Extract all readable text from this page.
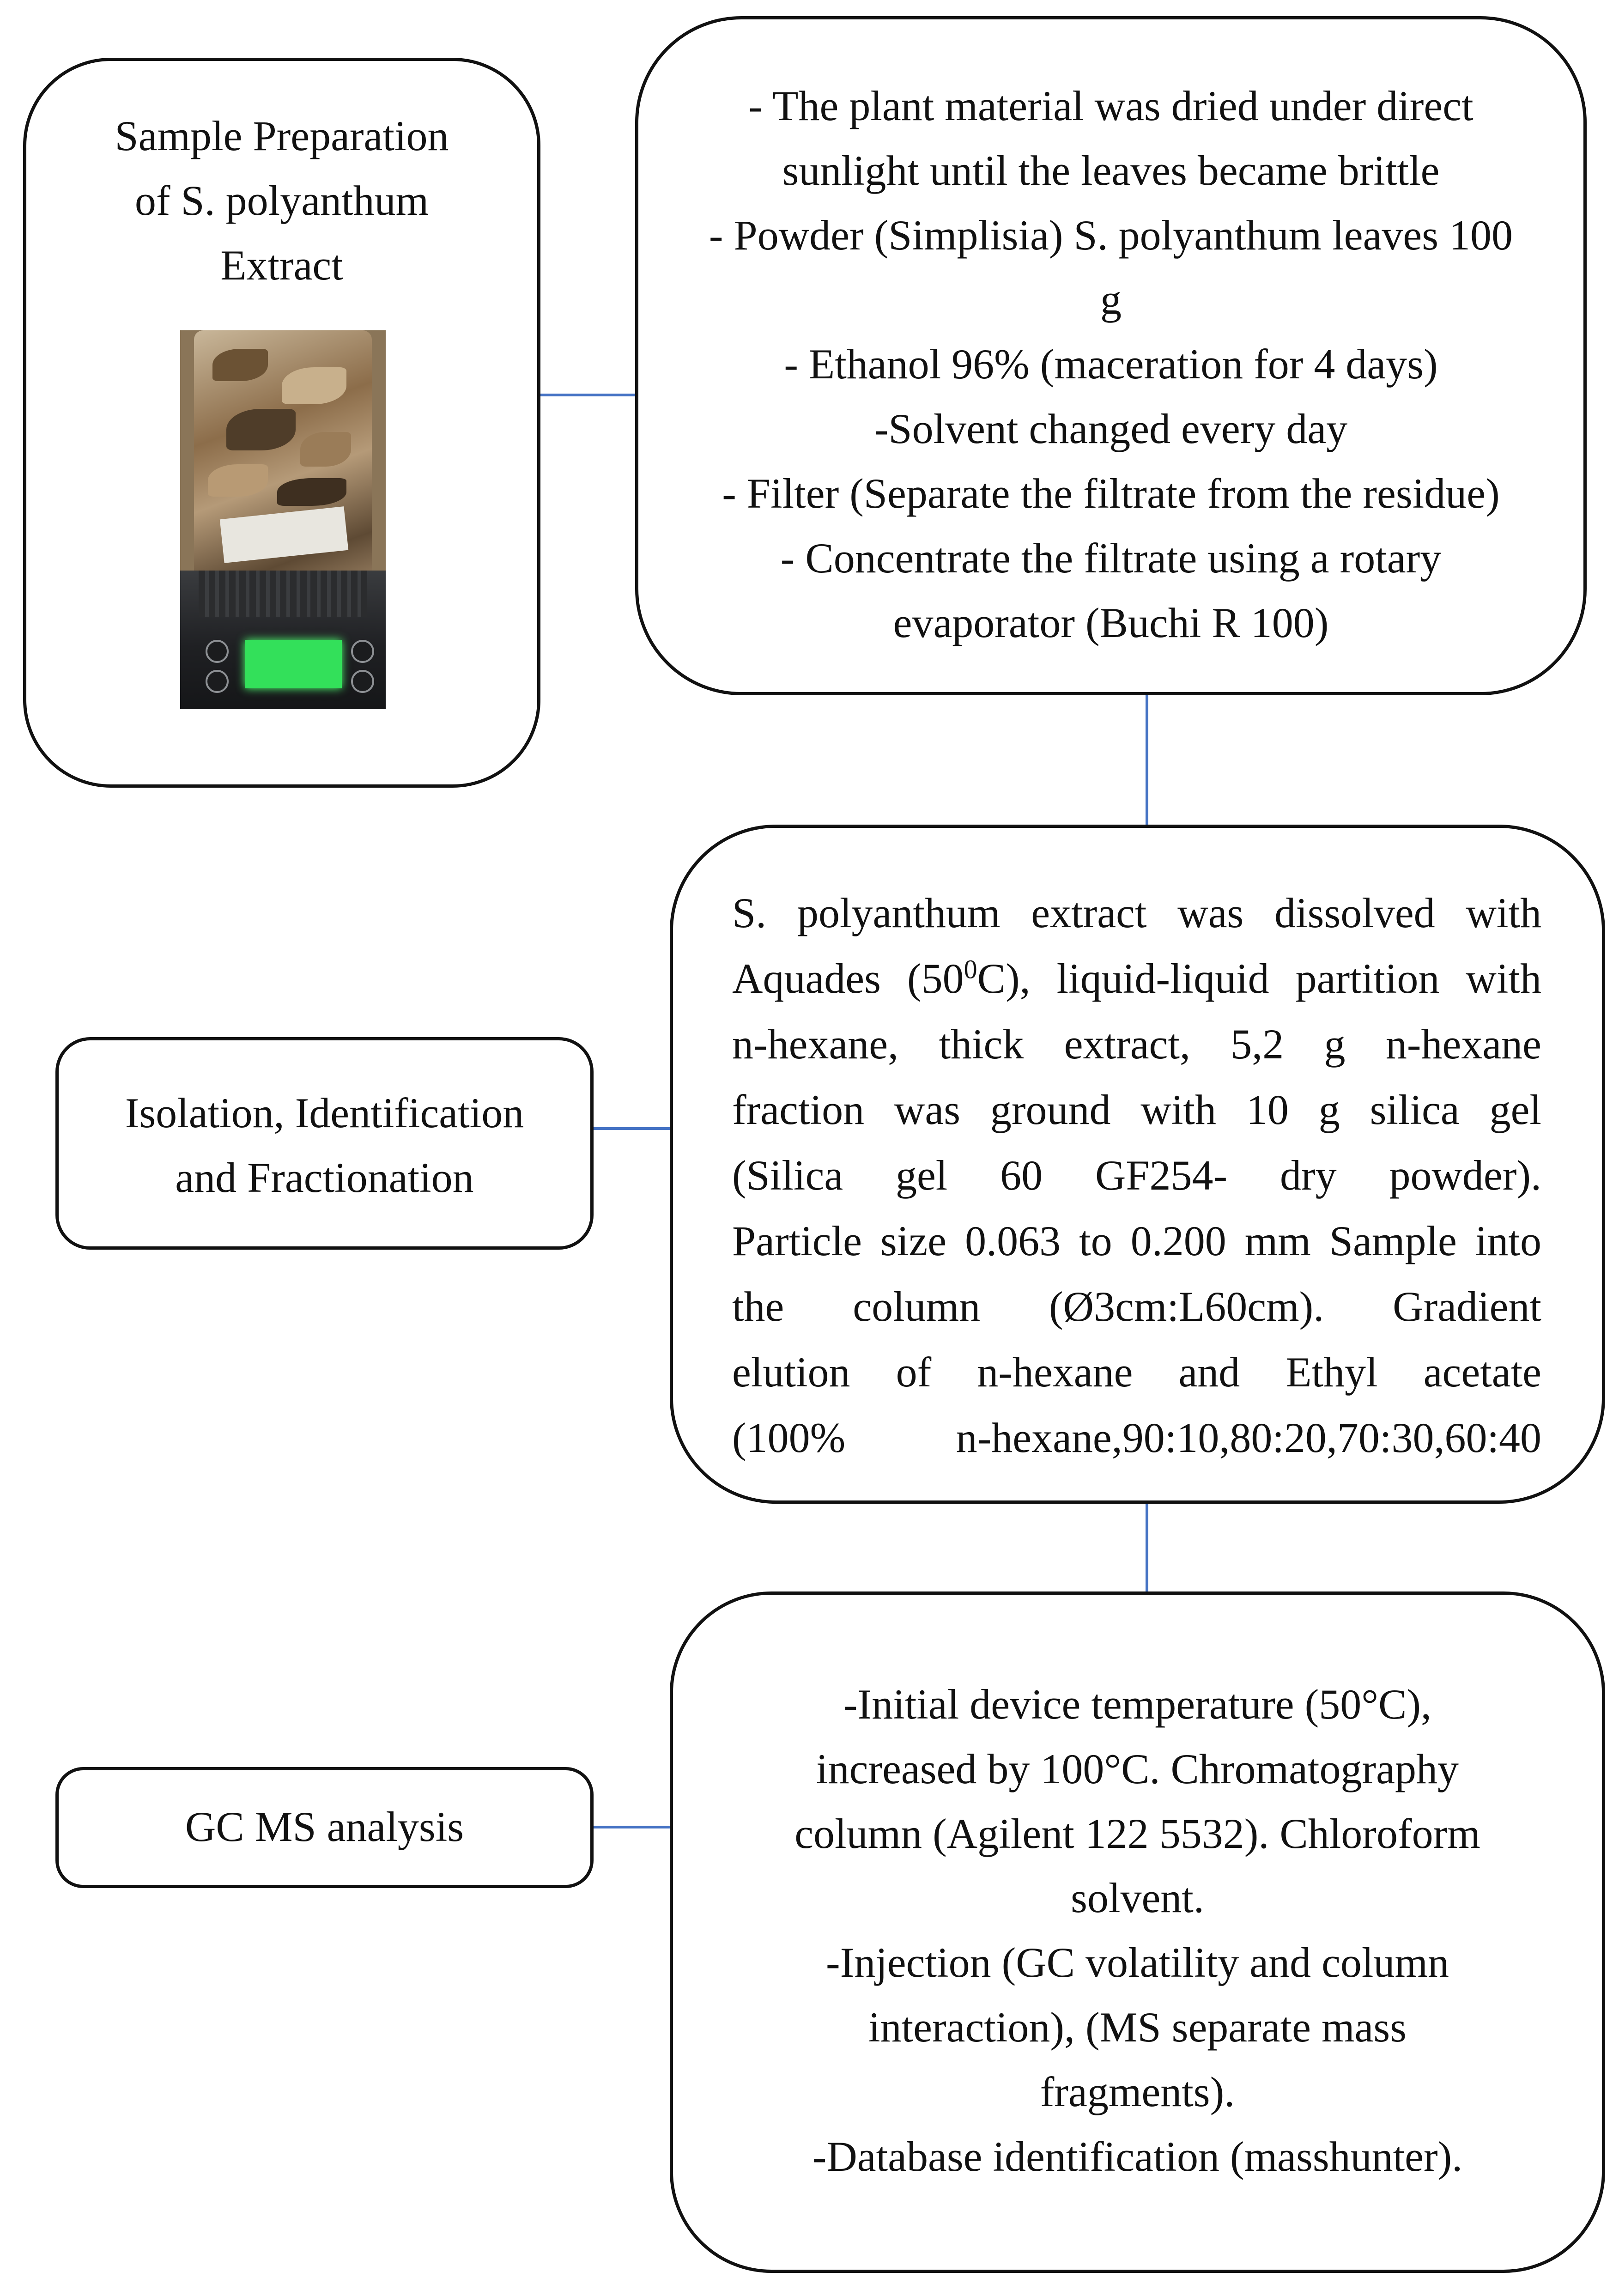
Sample Preparation
of S. polyanthum
Extract
- The plant material was dried under direct
sunlight until the leaves became brittle
- Powder (Simplisia) S. polyanthum leaves 100
g
- Ethanol 96% (maceration for 4 days)
-Solvent changed every day
- Filter (Separate the filtrate from the residue)
- Concentrate the filtrate using a rotary
evaporator (Buchi R 100)
Isolation, Identification
and Fractionation
S. polyanthum extract was dissolved with
Aquades $(50^0C)$, liquid-liquid partition with
n-hexane, thick extract, 5,2 g n-hexane
fraction was ground with 10 g silica gel
(Silica gel 60 GF254- dry powder).
Particle size 0.063 to 0.200 mm Sample into
the column (Ø3cm:L60cm). Gradient
elution of n-hexane and Ethyl acetate
(100% n-hexane,90:10,80:20,70:30,60:40
GC MS analysis
-Initial device temperature (50°C),
increased by 100°C. Chromatography
column (Agilent 122 5532). Chloroform
solvent.
-Injection (GC volatility and column
interaction), (MS separate mass
fragments).
-Database identification (masshunter).
